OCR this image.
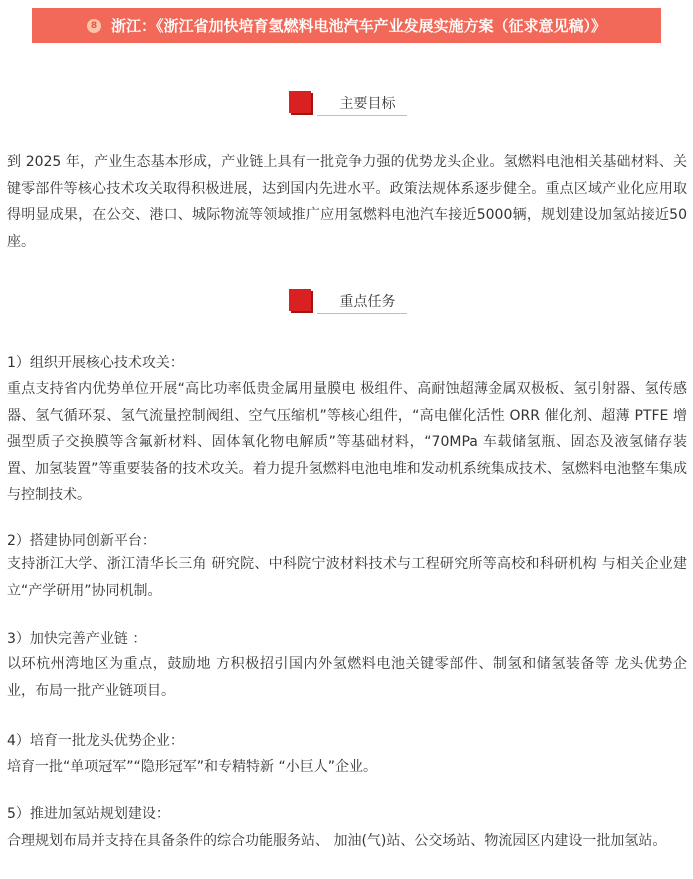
8 浙江：《浙江省加快培育氢燃料电池汽车产业发展实施方案（征求意见稿）》
主要目标

到 2025 年，产业生态基本形成，产业链上具有一批竞争力强的优势龙头企业。氢燃料电池相关基础材料、关键零部件等核心技术攻关取得积极进展，达到国内先进水平。政策法规体系逐步健全。重点区域产业化应用取得明显成果，在公交、港口、城际物流等领域推广应用氢燃料电池汽车接近5000辆，规划建设加氢站接近50座。

重点任务

1）组织开展核心技术攻关：

重点支持省内优势单位开展“高比功率低贵金属用量膜电 极组件、高耐蚀超薄金属双极板、氢引射器、氢传感器、氢气循环泵、氢气流量控制阀组、空气压缩机”等核心组件，“高电催化活性 ORR 催化剂、超薄 PTFE 增强型质子交换膜等含氟新材料、固体氧化物电解质”等基础材料，“70MPa 车载储氢瓶、固态及液氢储存装置、加氢装置”等重要装备的技术攻关。着力提升氢燃料电池电堆和发动机系统集成技术、氢燃料电池整车集成与控制技术。

2）搭建协同创新平台：

支持浙江大学、浙江清华长三角 研究院、中科院宁波材料技术与工程研究所等高校和科研机构 与相关企业建立“产学研用”协同机制。

3）加快完善产业链 ：

以环杭州湾地区为重点，鼓励地 方积极招引国内外氢燃料电池关键零部件、制氢和储氢装备等 龙头优势企业，布局一批产业链项目。

4）培育一批龙头优势企业：

培育一批“单项冠军”“隐形冠军”和专精特新 “小巨人”企业。

5）推进加氢站规划建设：

合理规划布局并支持在具备条件的综合功能服务站、 加油(气)站、公交场站、物流园区内建设一批加氢站。
